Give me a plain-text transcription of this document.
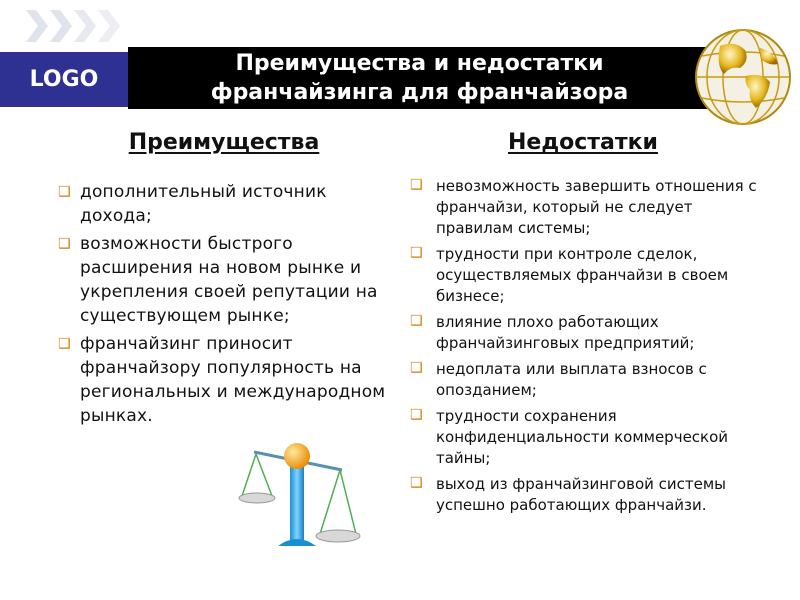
LOGO
Преимущества и недостатки
франчайзинга для франчайзора
Преимущества	Недостатки
❑ дополнительный источник дохода;
❑ возможности быстрого расширения на новом рынке и укрепления своей репутации на существующем рынке;
❑ франчайзинг приносит франчайзору популярность на региональных и международном рынках.
❑ невозможность завершить отношения с франчайзи, который не следует правилам системы;
❑ трудности при контроле сделок, осуществляемых франчайзи в своем бизнесе;
❑ влияние плохо работающих франчайзинговых предприятий;
❑ недоплата или выплата взносов с опозданием;
❑ трудности сохранения конфиденциальности коммерческой тайны;
❑ выход из франчайзинговой системы успешно работающих франчайзи.
